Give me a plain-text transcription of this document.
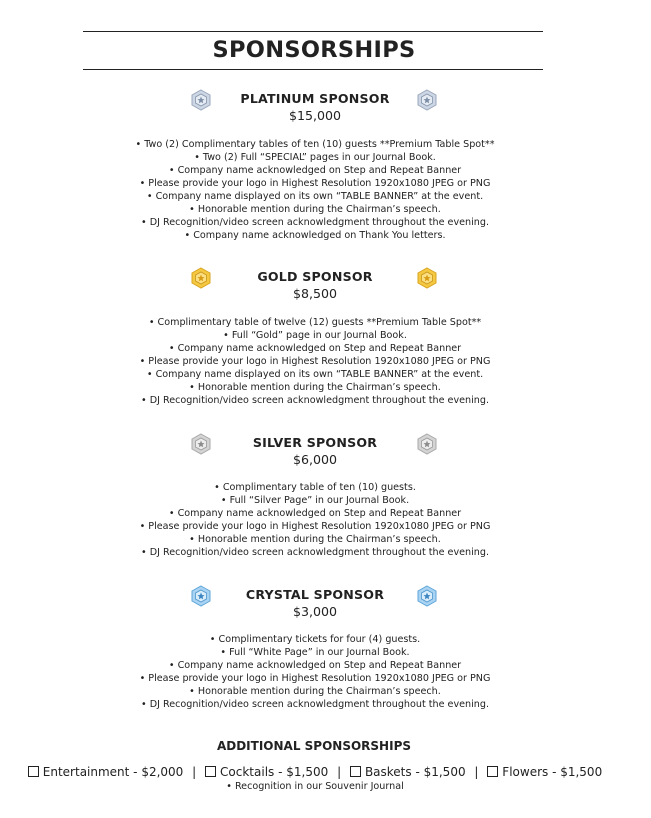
SPONSORSHIPS
PLATINUM SPONSOR
$15,000
• Two (2) Complimentary tables of ten (10) guests **Premium Table Spot**
• Two (2) Full “SPECIAL” pages in our Journal Book.
• Company name acknowledged on Step and Repeat Banner
• Please provide your logo in Highest Resolution 1920x1080 JPEG or PNG
• Company name displayed on its own “TABLE BANNER” at the event.
• Honorable mention during the Chairman’s speech.
• DJ Recognition/video screen acknowledgment throughout the evening.
• Company name acknowledged on Thank You letters.
GOLD SPONSOR
$8,500
• Complimentary table of twelve (12) guests **Premium Table Spot**
• Full “Gold” page in our Journal Book.
• Company name acknowledged on Step and Repeat Banner
• Please provide your logo in Highest Resolution 1920x1080 JPEG or PNG
• Company name displayed on its own “TABLE BANNER” at the event.
• Honorable mention during the Chairman’s speech.
• DJ Recognition/video screen acknowledgment throughout the evening.
SILVER SPONSOR
$6,000
• Complimentary table of ten (10) guests.
• Full “Silver Page” in our Journal Book.
• Company name acknowledged on Step and Repeat Banner
• Please provide your logo in Highest Resolution 1920x1080 JPEG or PNG
• Honorable mention during the Chairman’s speech.
• DJ Recognition/video screen acknowledgment throughout the evening.
CRYSTAL SPONSOR
$3,000
• Complimentary tickets for four (4) guests.
• Full “White Page” in our Journal Book.
• Company name acknowledged on Step and Repeat Banner
• Please provide your logo in Highest Resolution 1920x1080 JPEG or PNG
• Honorable mention during the Chairman’s speech.
• DJ Recognition/video screen acknowledgment throughout the evening.
ADDITIONAL SPONSORSHIPS
Entertainment - $2,000 | Cocktails - $1,500 | Baskets - $1,500 | Flowers - $1,500
• Recognition in our Souvenir Journal
